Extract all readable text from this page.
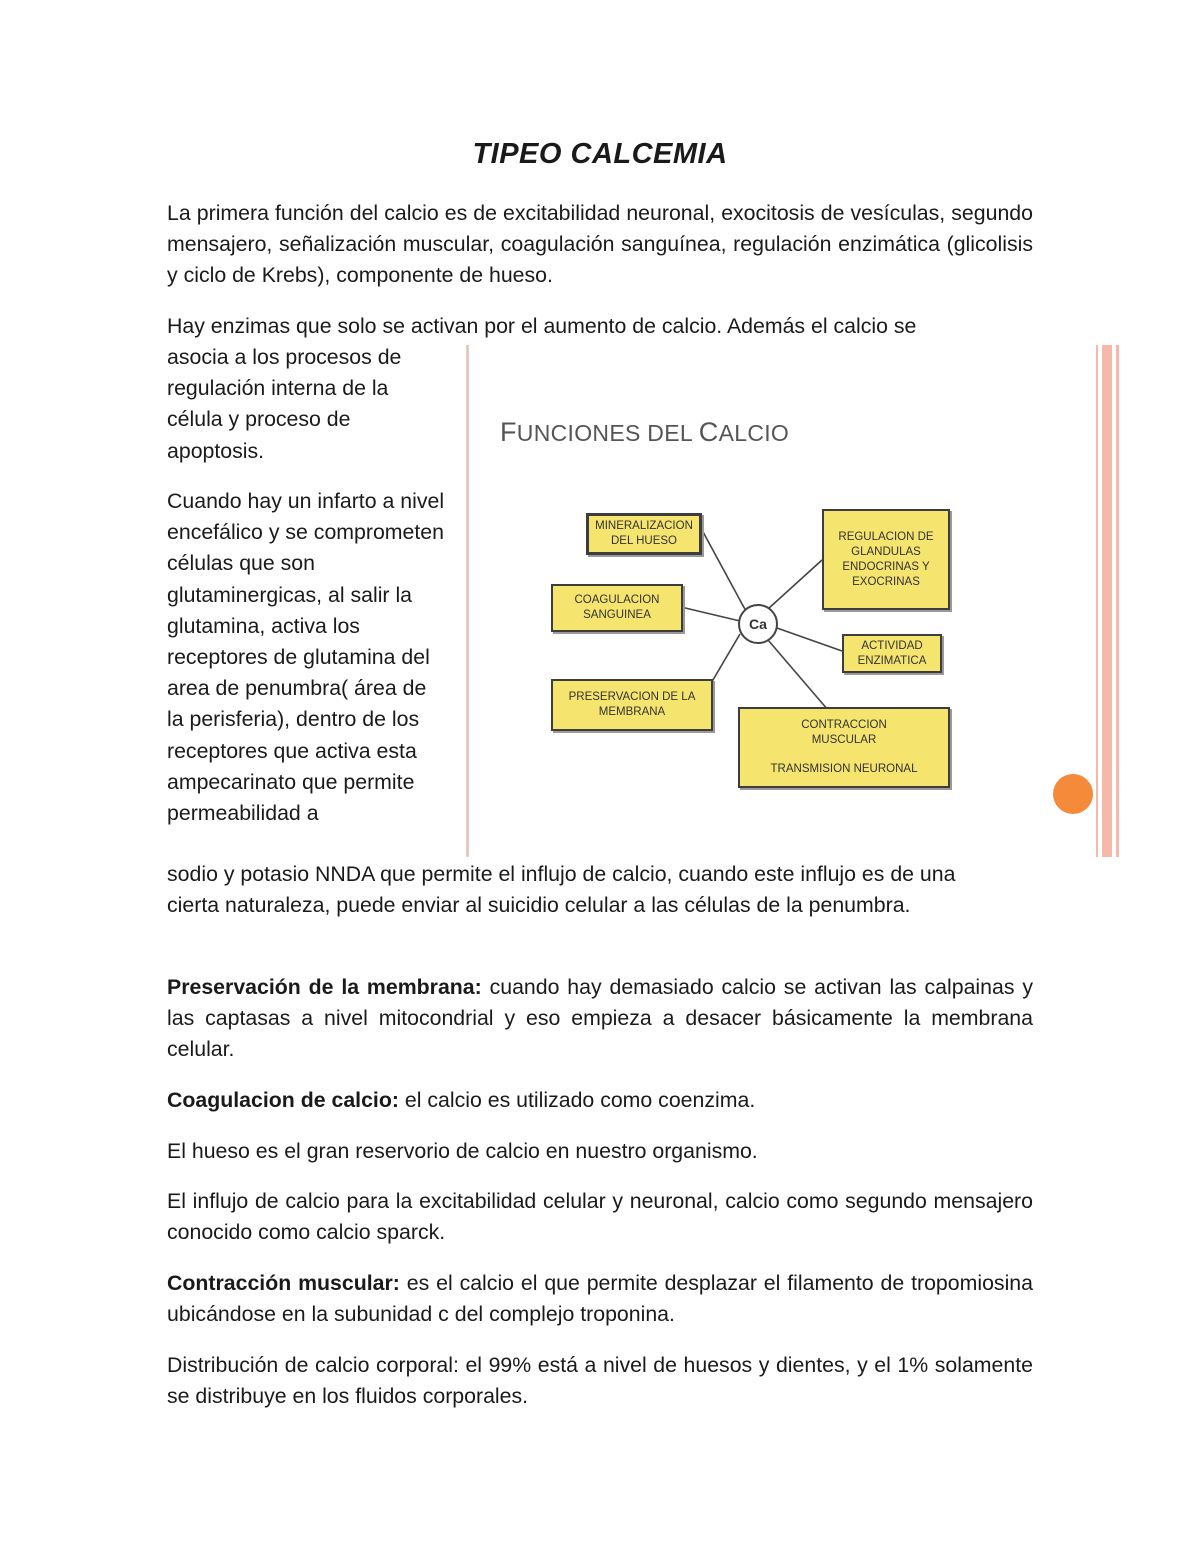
TIPEO CALCEMIA

La primera función del calcio es de excitabilidad neuronal, exocitosis de vesículas, segundo mensajero, señalización muscular, coagulación sanguínea, regulación enzimática (glicolisis y ciclo de Krebs), componente de hueso.

Hay enzimas que solo se activan por el aumento de calcio. Además el calcio se

asocia a los procesos de regulación interna de la célula y proceso de apoptosis.

Cuando hay un infarto a nivel encefálico y se comprometen células que son glutaminergicas, al salir la glutamina, activa los receptores de glutamina del area de penumbra( área de la perisferia), dentro de los receptores que activa esta ampecarinato que permite permeabilidad a

sodio y potasio NNDA que permite el influjo de calcio, cuando este influjo es de una cierta naturaleza, puede enviar al suicidio celular a las células de la penumbra.

Preservación de la membrana: cuando hay demasiado calcio se activan las calpainas y las captasas a nivel mitocondrial y eso empieza a desacer básicamente la membrana celular.

Coagulacion de calcio: el calcio es utilizado como coenzima.

El hueso es el gran reservorio de calcio en nuestro organismo.

El influjo de calcio para la excitabilidad celular y neuronal, calcio como segundo mensajero conocido como calcio sparck.

Contracción muscular: es el calcio el que permite desplazar el filamento de tropomiosina ubicándose en la subunidad c del complejo troponina.

Distribución de calcio corporal: el 99% está a nivel de huesos y dientes, y el 1% solamente se distribuye en los fluidos corporales.

FUNCIONES DEL CALCIO
Ca
MINERALIZACION DEL HUESO
COAGULACION SANGUINEA
PRESERVACION DE LA MEMBRANA
REGULACION DE GLANDULAS ENDOCRINAS Y EXOCRINAS
ACTIVIDAD ENZIMATICA
CONTRACCION MUSCULAR
TRANSMISION NEURONAL
